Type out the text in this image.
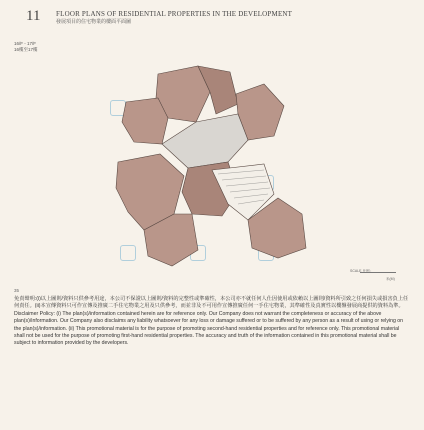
11 FLOOR PLANS OF RESIDENTIAL PROPERTIES IN THE DEVELOPMENT
發展項目的住宅物業的樓面平面圖
16/F - 17/F
16樓至17樓
SCALE 比例 :
米(M)
35

免責聲明:(i)以上圖則/資料只供參考用途，本公司不保證以上圖則/資料的完整性或準確性，本公司亦不就任何人仕因使用或依賴以上圖則/資料所引致之任何損失或損害負上任何責任。(ii)本宣傳資料只可作宣傳及推廣二手住宅物業之用及只供參考，而並非及不可用作宣傳推廣任何一手住宅物業，其準確性及真實性以樓盤發展商提供的資料為準。

Disclaimer Policy: (i) The plan(s)/information contained herein are for reference only. Our Company does not warrant the completeness or accuracy of the above plan(s)/information. Our Company also disclaims any liability whatsoever for any loss or damage suffered or to be suffered by any person as a result of using or relying on the plan(s)/information. (ii) This promotional material is for the purpose of promoting second-hand residential properties and for reference only. This promotional material shall not be used for the purpose of promoting first-hand residential properties. The accuracy and truth of the information contained in this promotional material shall be subject to information provided by the developers.
